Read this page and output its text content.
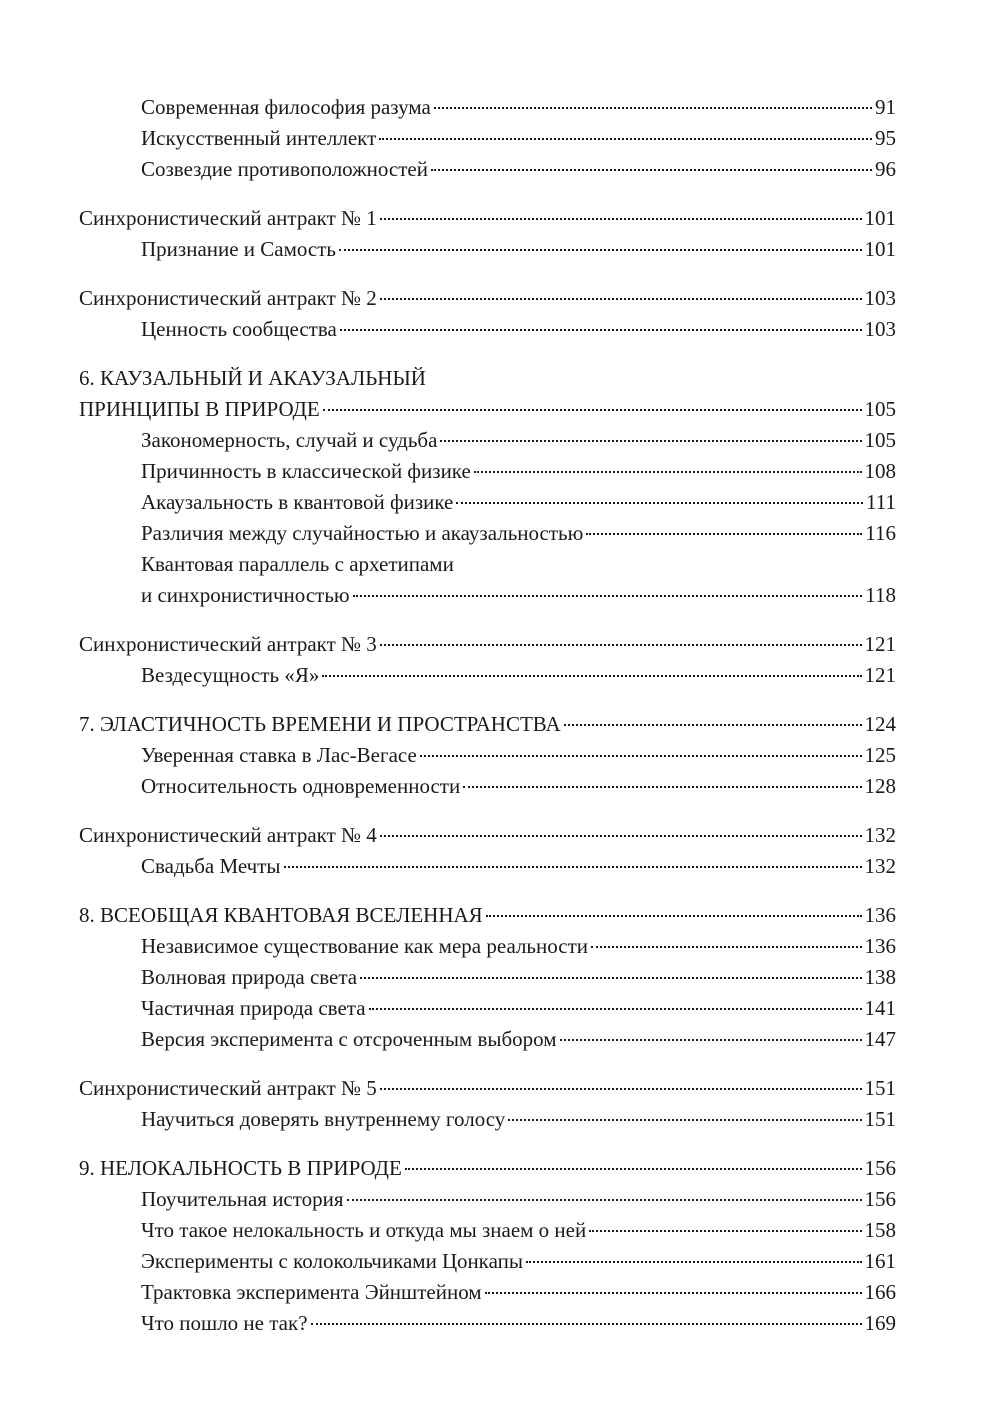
Современная философия разума	91
Искусственный интеллект	95
Созвездие противоположностей	96
Синхронистический антракт № 1	101
Признание и Самость	101
Синхронистический антракт № 2	103
Ценность сообщества	103
6. КАУЗАЛЬНЫЙ И АКАУЗАЛЬНЫЙ
ПРИНЦИПЫ В ПРИРОДЕ	105
Закономерность, случай и судьба	105
Причинность в классической физике	108
Акаузальность в квантовой физике	111
Различия между случайностью и акаузальностью	116
Квантовая параллель с архетипами
и синхронистичностью	118
Синхронистический антракт № 3	121
Вездесущность «Я»	121
7. ЭЛАСТИЧНОСТЬ ВРЕМЕНИ И ПРОСТРАНСТВА	124
Уверенная ставка в Лас-Вегасе	125
Относительность одновременности	128
Синхронистический антракт № 4	132
Свадьба Мечты	132
8. ВСЕОБЩАЯ КВАНТОВАЯ ВСЕЛЕННАЯ	136
Независимое существование как мера реальности	136
Волновая природа света	138
Частичная природа света	141
Версия эксперимента с отсроченным выбором	147
Синхронистический антракт № 5	151
Научиться доверять внутреннему голосу	151
9. НЕЛОКАЛЬНОСТЬ В ПРИРОДЕ	156
Поучительная история	156
Что такое нелокальность и откуда мы знаем о ней	158
Эксперименты с колокольчиками Цонкапы	161
Трактовка эксперимента Эйнштейном	166
Что пошло не так?	169
